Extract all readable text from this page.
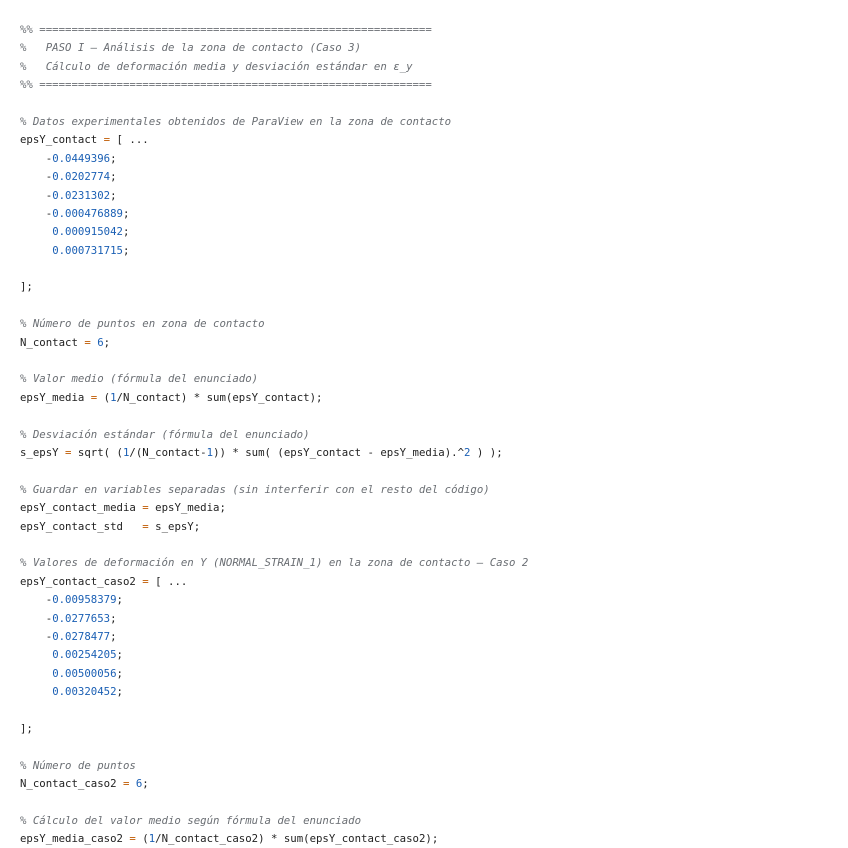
%% =============================================================
%   PASO I — Análisis de la zona de contacto (Caso 3)
%   Cálculo de deformación media y desviación estándar en ε_y
%% =============================================================
% Datos experimentales obtenidos de ParaView en la zona de contacto
epsY_contact = [ ...
-0.0449396;
-0.0202774;
-0.0231302;
-0.000476889;
0.000915042;
0.000731715;
];
% Número de puntos en zona de contacto
N_contact = 6;
% Valor medio (fórmula del enunciado)
epsY_media = (1/N_contact) * sum(epsY_contact);
% Desviación estándar (fórmula del enunciado)
s_epsY = sqrt( (1/(N_contact-1)) * sum( (epsY_contact - epsY_media).^2 ) );
% Guardar en variables separadas (sin interferir con el resto del código)
epsY_contact_media = epsY_media;
epsY_contact_std   = s_epsY;
% Valores de deformación en Y (NORMAL_STRAIN_1) en la zona de contacto — Caso 2
epsY_contact_caso2 = [ ...
-0.00958379;
-0.0277653;
-0.0278477;
0.00254205;
0.00500056;
0.00320452;
];
% Número de puntos
N_contact_caso2 = 6;
% Cálculo del valor medio según fórmula del enunciado
epsY_media_caso2 = (1/N_contact_caso2) * sum(epsY_contact_caso2);
